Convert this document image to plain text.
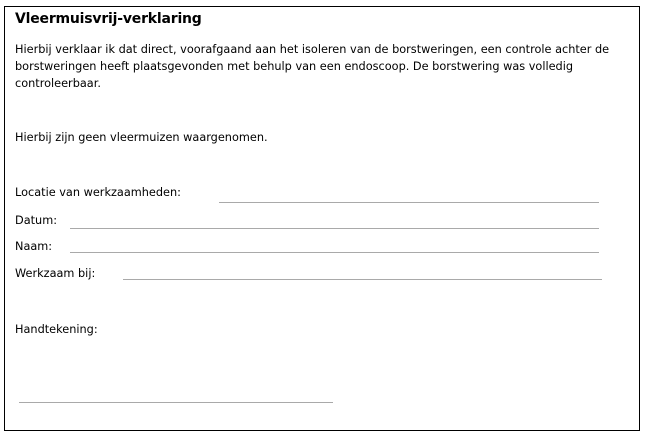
Vleermuisvrij-verklaring
Hierbij verklaar ik dat direct, voorafgaand aan het isoleren van de borstweringen, een controle achter de borstweringen heeft plaatsgevonden met behulp van een endoscoop. De borstwering was volledig controleerbaar.
Hierbij zijn geen vleermuizen waargenomen.
Locatie van werkzaamheden:
Datum:
Naam:
Werkzaam bij:
Handtekening:
